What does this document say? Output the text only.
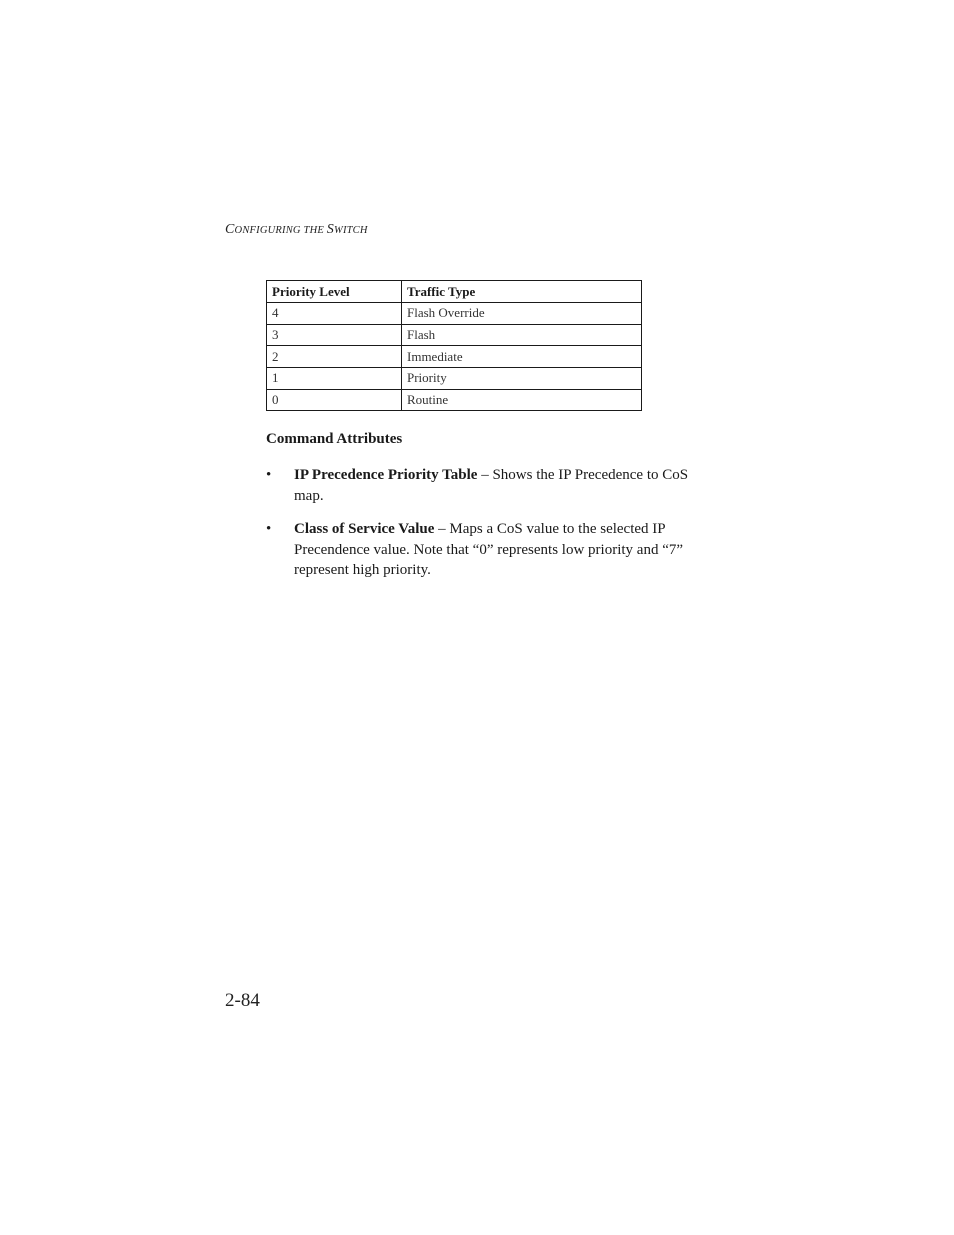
CONFIGURING THE SWITCH
Priority Level	Traffic Type
4	Flash Override
3	Flash
2	Immediate
1	Priority
0	Routine
Command Attributes
• IP Precedence Priority Table – Shows the IP Precedence to CoS map.
• Class of Service Value – Maps a CoS value to the selected IP Precendence value. Note that “0” represents low priority and “7” represent high priority.
2-84
